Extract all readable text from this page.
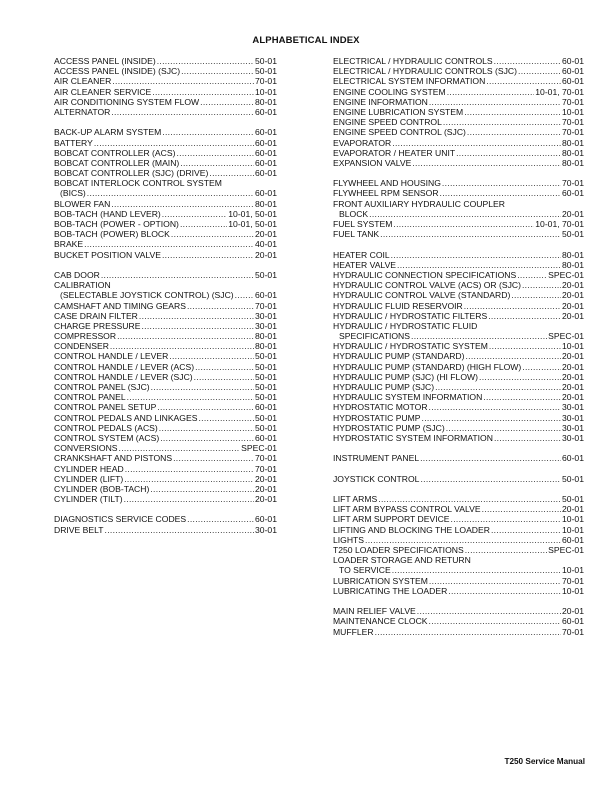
ALPHABETICAL INDEX
ACCESS PANEL (INSIDE) .....	50-01
ACCESS PANEL (INSIDE) (SJC) .....	50-01
AIR CLEANER .....	70-01
AIR CLEANER SERVICE .....	10-01
AIR CONDITIONING SYSTEM FLOW .....	80-01
ALTERNATOR .....	60-01
BACK-UP ALARM SYSTEM .....	60-01
BATTERY .....	60-01
BOBCAT CONTROLLER (ACS) .....	60-01
BOBCAT CONTROLLER (MAIN) .....	60-01
BOBCAT CONTROLLER (SJC) (DRIVE) .....	60-01
BOBCAT INTERLOCK CONTROL SYSTEM
(BICS) .....	60-01
BLOWER FAN .....	80-01
BOB-TACH (HAND LEVER) .....	10-01, 50-01
BOB-TACH (POWER - OPTION) .....	10-01, 50-01
BOB-TACH (POWER) BLOCK .....	20-01
BRAKE .....	40-01
BUCKET POSITION VALVE .....	20-01
CAB DOOR .....	50-01
CALIBRATION
(SELECTABLE JOYSTICK CONTROL) (SJC) ..... 60-01
CAMSHAFT AND TIMING GEARS .....	70-01
CASE DRAIN FILTER .....	30-01
CHARGE PRESSURE .....	30-01
COMPRESSOR .....	80-01
CONDENSER .....	80-01
CONTROL HANDLE / LEVER .....	50-01
CONTROL HANDLE / LEVER (ACS) .....	50-01
CONTROL HANDLE / LEVER (SJC) .....	50-01
CONTROL PANEL (SJC) .....	50-01
CONTROL PANEL .....	50-01
CONTROL PANEL SETUP .....	60-01
CONTROL PEDALS AND LINKAGES .....	50-01
CONTROL PEDALS (ACS) .....	50-01
CONTROL SYSTEM (ACS) .....	60-01
CONVERSIONS .....	SPEC-01
CRANKSHAFT AND PISTONS .....	70-01
CYLINDER HEAD .....	70-01
CYLINDER (LIFT) .....	20-01
CYLINDER (BOB-TACH) .....	20-01
CYLINDER (TILT) .....	20-01
DIAGNOSTICS SERVICE CODES .....	60-01
DRIVE BELT .....	30-01
ELECTRICAL / HYDRAULIC CONTROLS .....	60-01
ELECTRICAL / HYDRAULIC CONTROLS (SJC) .....	60-01
ELECTRICAL SYSTEM INFORMATION .....	60-01
ENGINE COOLING SYSTEM .....	10-01, 70-01
ENGINE INFORMATION .....	70-01
ENGINE LUBRICATION SYSTEM .....	10-01
ENGINE SPEED CONTROL .....	70-01
ENGINE SPEED CONTROL (SJC) .....	70-01
EVAPORATOR .....	80-01
EVAPORATOR / HEATER UNIT .....	80-01
EXPANSION VALVE .....	80-01
FLYWHEEL AND HOUSING .....	70-01
FLYWHEEL RPM SENSOR .....	60-01
FRONT AUXILIARY HYDRAULIC COUPLER
BLOCK .....	20-01
FUEL SYSTEM .....	10-01, 70-01
FUEL TANK .....	50-01
HEATER COIL .....	80-01
HEATER VALVE .....	80-01
HYDRAULIC CONNECTION SPECIFICATIONS .....	SPEC-01
HYDRAULIC CONTROL VALVE (ACS) OR (SJC) .....	20-01
HYDRAULIC CONTROL VALVE (STANDARD) .....	20-01
HYDRAULIC FLUID RESERVOIR .....	20-01
HYDRAULIC / HYDROSTATIC FILTERS .....	20-01
HYDRAULIC / HYDROSTATIC FLUID
SPECIFICATIONS .....	SPEC-01
HYDRAULIC / HYDROSTATIC SYSTEM .....	10-01
HYDRAULIC PUMP (STANDARD) .....	20-01
HYDRAULIC PUMP (STANDARD) (HIGH FLOW) .....	20-01
HYDRAULIC PUMP (SJC) (HI FLOW) .....	20-01
HYDRAULIC PUMP (SJC) .....	20-01
HYDRAULIC SYSTEM INFORMATION .....	20-01
HYDROSTATIC MOTOR .....	30-01
HYDROSTATIC PUMP .....	30-01
HYDROSTATIC PUMP (SJC) .....	30-01
HYDROSTATIC SYSTEM INFORMATION .....	30-01
INSTRUMENT PANEL .....	60-01
JOYSTICK CONTROL .....	50-01
LIFT ARMS .....	50-01
LIFT ARM BYPASS CONTROL VALVE .....	20-01
LIFT ARM SUPPORT DEVICE .....	10-01
LIFTING AND BLOCKING THE LOADER .....	10-01
LIGHTS .....	60-01
T250 LOADER SPECIFICATIONS .....	SPEC-01
LOADER STORAGE AND RETURN
TO SERVICE .....	10-01
LUBRICATION SYSTEM .....	70-01
LUBRICATING THE LOADER .....	10-01
MAIN RELIEF VALVE .....	20-01
MAINTENANCE CLOCK .....	60-01
MUFFLER .....	70-01
T250 Service Manual
